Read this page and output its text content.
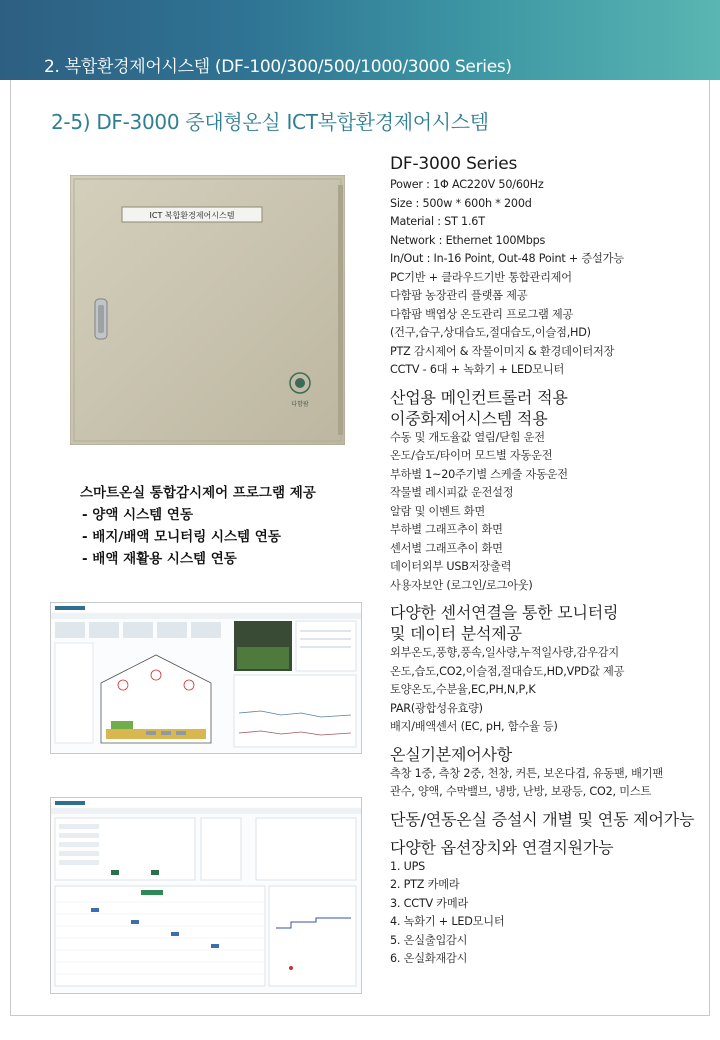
2. 복합환경제어시스템 (DF-100/300/500/1000/3000 Series)
2-5) DF-3000 중대형온실 ICT복합환경제어시스템
ICT 복합환경제어시스템
다함팜
스마트온실 통합감시제어 프로그램 제공
- 양액 시스템 연동
- 배지/배액 모니터링 시스템 연동
- 배액 재활용 시스템 연동
DF-3000 Series
Power : 1Φ AC220V 50/60Hz
Size : 500w * 600h * 200d
Material : ST 1.6T
Network : Ethernet 100Mbps
In/Out : In-16 Point, Out-48 Point + 증설가능
PC기반 + 클라우드기반 통합관리제어
다함팜 농장관리 플랫폼 제공
다함팜 백엽상 온도관리 프로그램 제공
(건구,습구,상대습도,절대습도,이슬점,HD)
PTZ 감시제어 & 작물이미지 & 환경데이터저장
CCTV - 6대 + 녹화기 + LED모니터
산업용 메인컨트롤러 적용
이중화제어시스템 적용
수동 및 개도율값 열림/닫힘 운전
온도/습도/타이머 모드별 자동운전
부하별 1~20주기별 스케줄 자동운전
작물별 레시피값 운전설정
알람 및 이벤트 화면
부하별 그래프추이 화면
센서별 그래프추이 화면
데이터외부 USB저장출력
사용자보안 (로그인/로그아웃)
다양한 센서연결을 통한 모니터링
및 데이터 분석제공
외부온도,풍향,풍속,일사량,누적일사량,감우감지
온도,습도,CO2,이슬점,절대습도,HD,VPD값 제공
토양온도,수분율,EC,PH,N,P,K
PAR(광합성유효량)
배지/배액센서 (EC, pH, 함수율 등)
온실기본제어사항
측창 1중, 측창 2중, 천창, 커튼, 보온다겹, 유동팬, 배기팬
관수, 양액, 수막밸브, 냉방, 난방, 보광등, CO2, 미스트
단동/연동온실 증설시 개별 및 연동 제어가능
다양한 옵션장치와 연결지원가능
1. UPS
2. PTZ 카메라
3. CCTV 카메라
4. 녹화기 + LED모니터
5. 온실출입감시
6. 온실화재감시
